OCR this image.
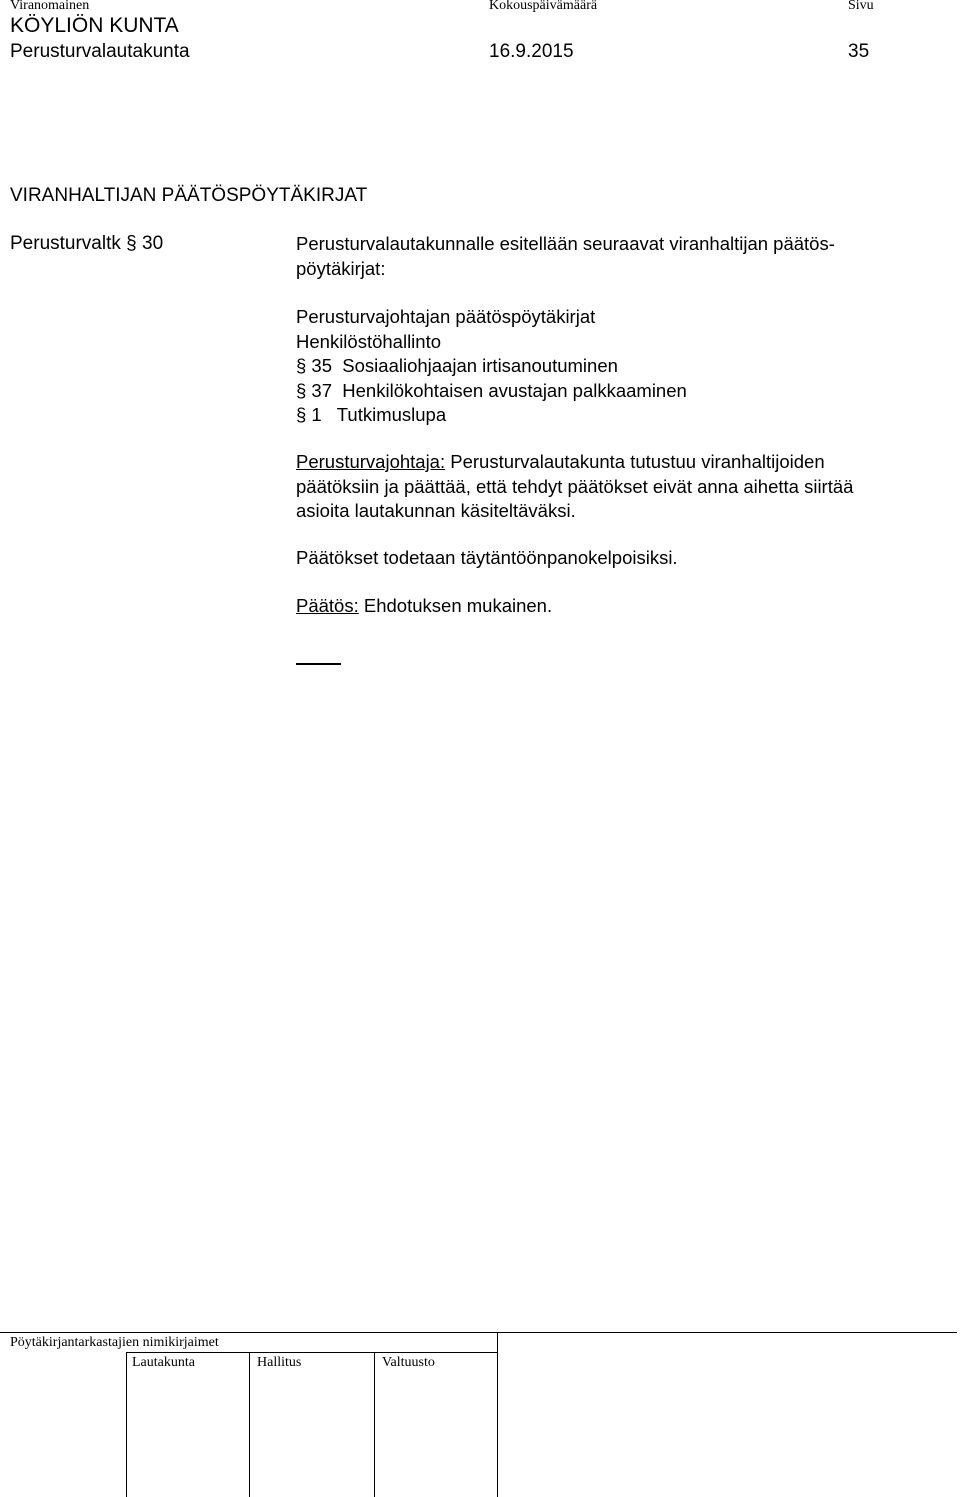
Viranomainen	Kokouspäivämäärä	Sivu
KÖYLIÖN KUNTA
Perusturvalautakunta	16.9.2015	35
VIRANHALTIJAN PÄÄTÖSPÖYTÄKIRJAT
Perusturvaltk § 30	Perusturvalautakunnalle esitellään seuraavat viranhaltijan päätös-
pöytäkirjat:
Perusturvajohtajan päätöspöytäkirjat
Henkilöstöhallinto
§ 35  Sosiaaliohjaajan irtisanoutuminen
§ 37  Henkilökohtaisen avustajan palkkaaminen
§ 1   Tutkimuslupa
Perusturvajohtaja: Perusturvalautakunta tutustuu viranhaltijoiden
päätöksiin ja päättää, että tehdyt päätökset eivät anna aihetta siirtää
asioita lautakunnan käsiteltäväksi.
Päätökset todetaan täytäntöönpanokelpoisiksi.
Päätös: Ehdotuksen mukainen.
Pöytäkirjantarkastajien nimikirjaimet
Lautakunta	Hallitus	Valtuusto
